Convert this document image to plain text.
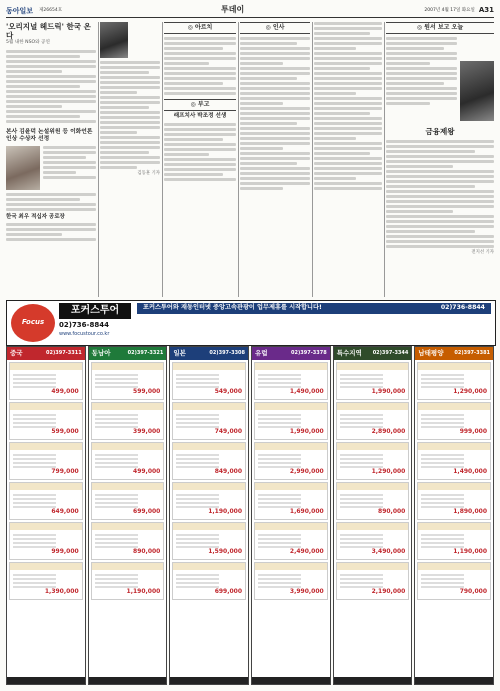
동아일보 제26654호	투데이	2007년 4월 17일 화요일 A31
'오리지널 헤드릭' 한국 온다
5월 내한 NSO와 공연
본사 김윤덕 논설위원 등 이화언론인상 수상자 선정
한국 최우 적십자 공로장
김동훈 기자
◎ 아르치
◎ 부고
래프치사 박조정 선생
◎ 인사	◎ 원서 보고 오늘
금융제왕
전지선 기자
Focus
포커스투어
02)736-8844
www.focustour.co.kr
포커스투어와 재동인터넷 중앙고속관광이 업무제휴를 시작합니다!	02)736-8844
중국	02)397-3311
499,000
599,000
799,000
649,000
999,000
1,390,000
동남아	02)397-3321
599,000
399,000
499,000
699,000
890,000
1,190,000
일본	02)397-3308
549,000
749,000
849,000
1,190,000
1,590,000
699,000
유럽	02)397-3378
1,490,000
1,990,000
2,990,000
1,690,000
2,490,000
3,990,000
특수지역 02)397-3344
1,990,000
2,890,000
1,290,000
890,000
3,490,000
2,190,000
남태평양 02)397-3381
1,290,000
999,000
1,490,000
1,890,000
1,190,000
790,000
